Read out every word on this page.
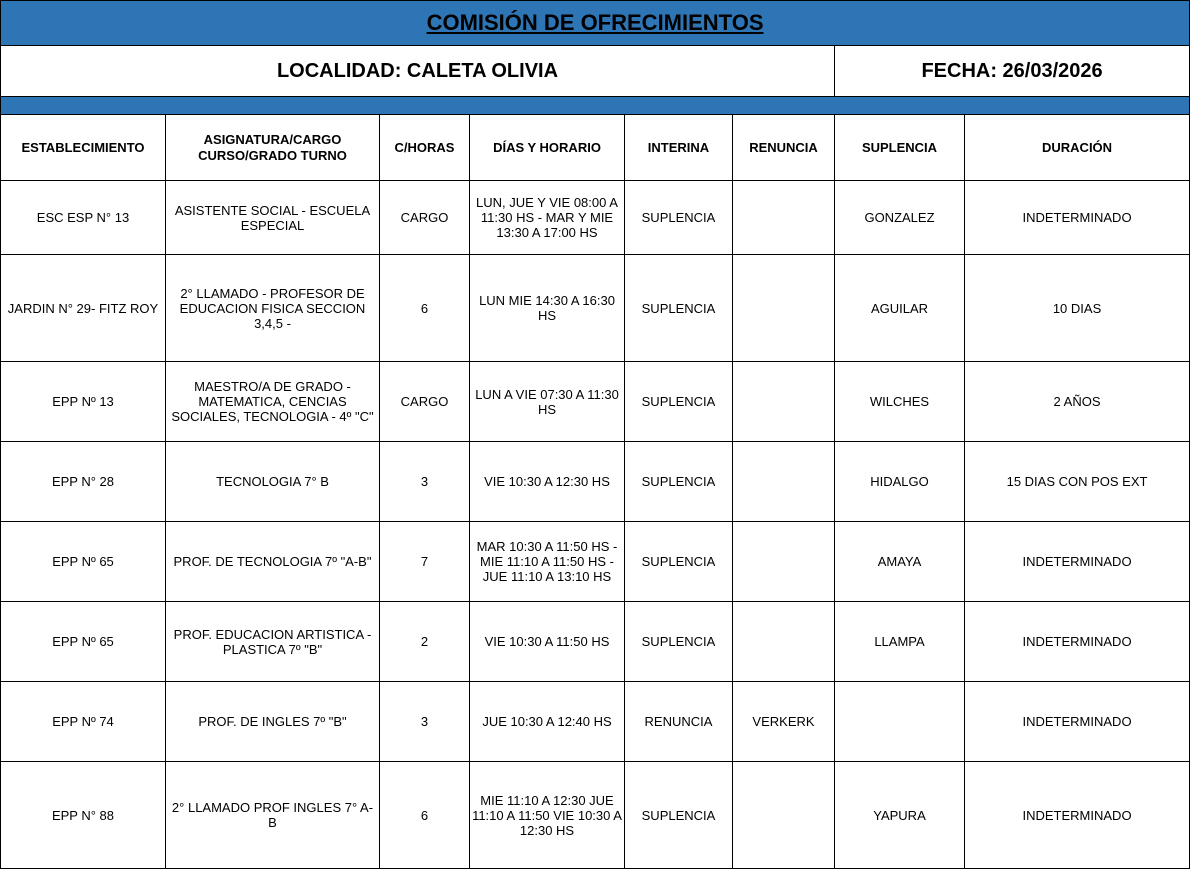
COMISIÓN DE OFRECIMIENTOS							
LOCALIDAD: CALETA OLIVIA						FECHA: 26/03/2026	

ESTABLECIMIENTO	ASIGNATURA/CARGO CURSO/GRADO TURNO	C/HORAS	DÍAS Y HORARIO	INTERINA	RENUNCIA	SUPLENCIA	DURACIÓN
ESC ESP N° 13	ASISTENTE SOCIAL - ESCUELA ESPECIAL	CARGO	LUN, JUE Y VIE 08:00 A 11:30 HS - MAR Y MIE 13:30 A 17:00 HS	SUPLENCIA		GONZALEZ	INDETERMINADO
JARDIN N° 29- FITZ ROY	2° LLAMADO - PROFESOR DE EDUCACION FISICA SECCION 3,4,5 -	6	LUN MIE 14:30 A 16:30 HS	SUPLENCIA		AGUILAR	10 DIAS
EPP Nº 13	MAESTRO/A DE GRADO - MATEMATICA, CENCIAS SOCIALES, TECNOLOGIA - 4º "C"	CARGO	LUN A VIE 07:30 A 11:30 HS	SUPLENCIA		WILCHES	2 AÑOS
EPP N° 28	TECNOLOGIA 7° B	3	VIE 10:30 A 12:30 HS	SUPLENCIA		HIDALGO	15 DIAS CON POS EXT
EPP Nº 65	PROF. DE TECNOLOGIA 7º "A-B"	7	MAR 10:30 A 11:50 HS - MIE 11:10 A 11:50 HS - JUE 11:10 A 13:10 HS	SUPLENCIA		AMAYA	INDETERMINADO
EPP Nº 65	PROF. EDUCACION ARTISTICA - PLASTICA 7º "B"	2	VIE 10:30 A 11:50 HS	SUPLENCIA		LLAMPA	INDETERMINADO
EPP Nº 74	PROF. DE INGLES 7º "B"	3	JUE 10:30 A 12:40 HS	RENUNCIA	VERKERK		INDETERMINADO
EPP N° 88	2° LLAMADO PROF INGLES 7° A-B	6	MIE 11:10 A 12:30 JUE 11:10 A 11:50 VIE 10:30 A 12:30 HS	SUPLENCIA		YAPURA	INDETERMINADO
